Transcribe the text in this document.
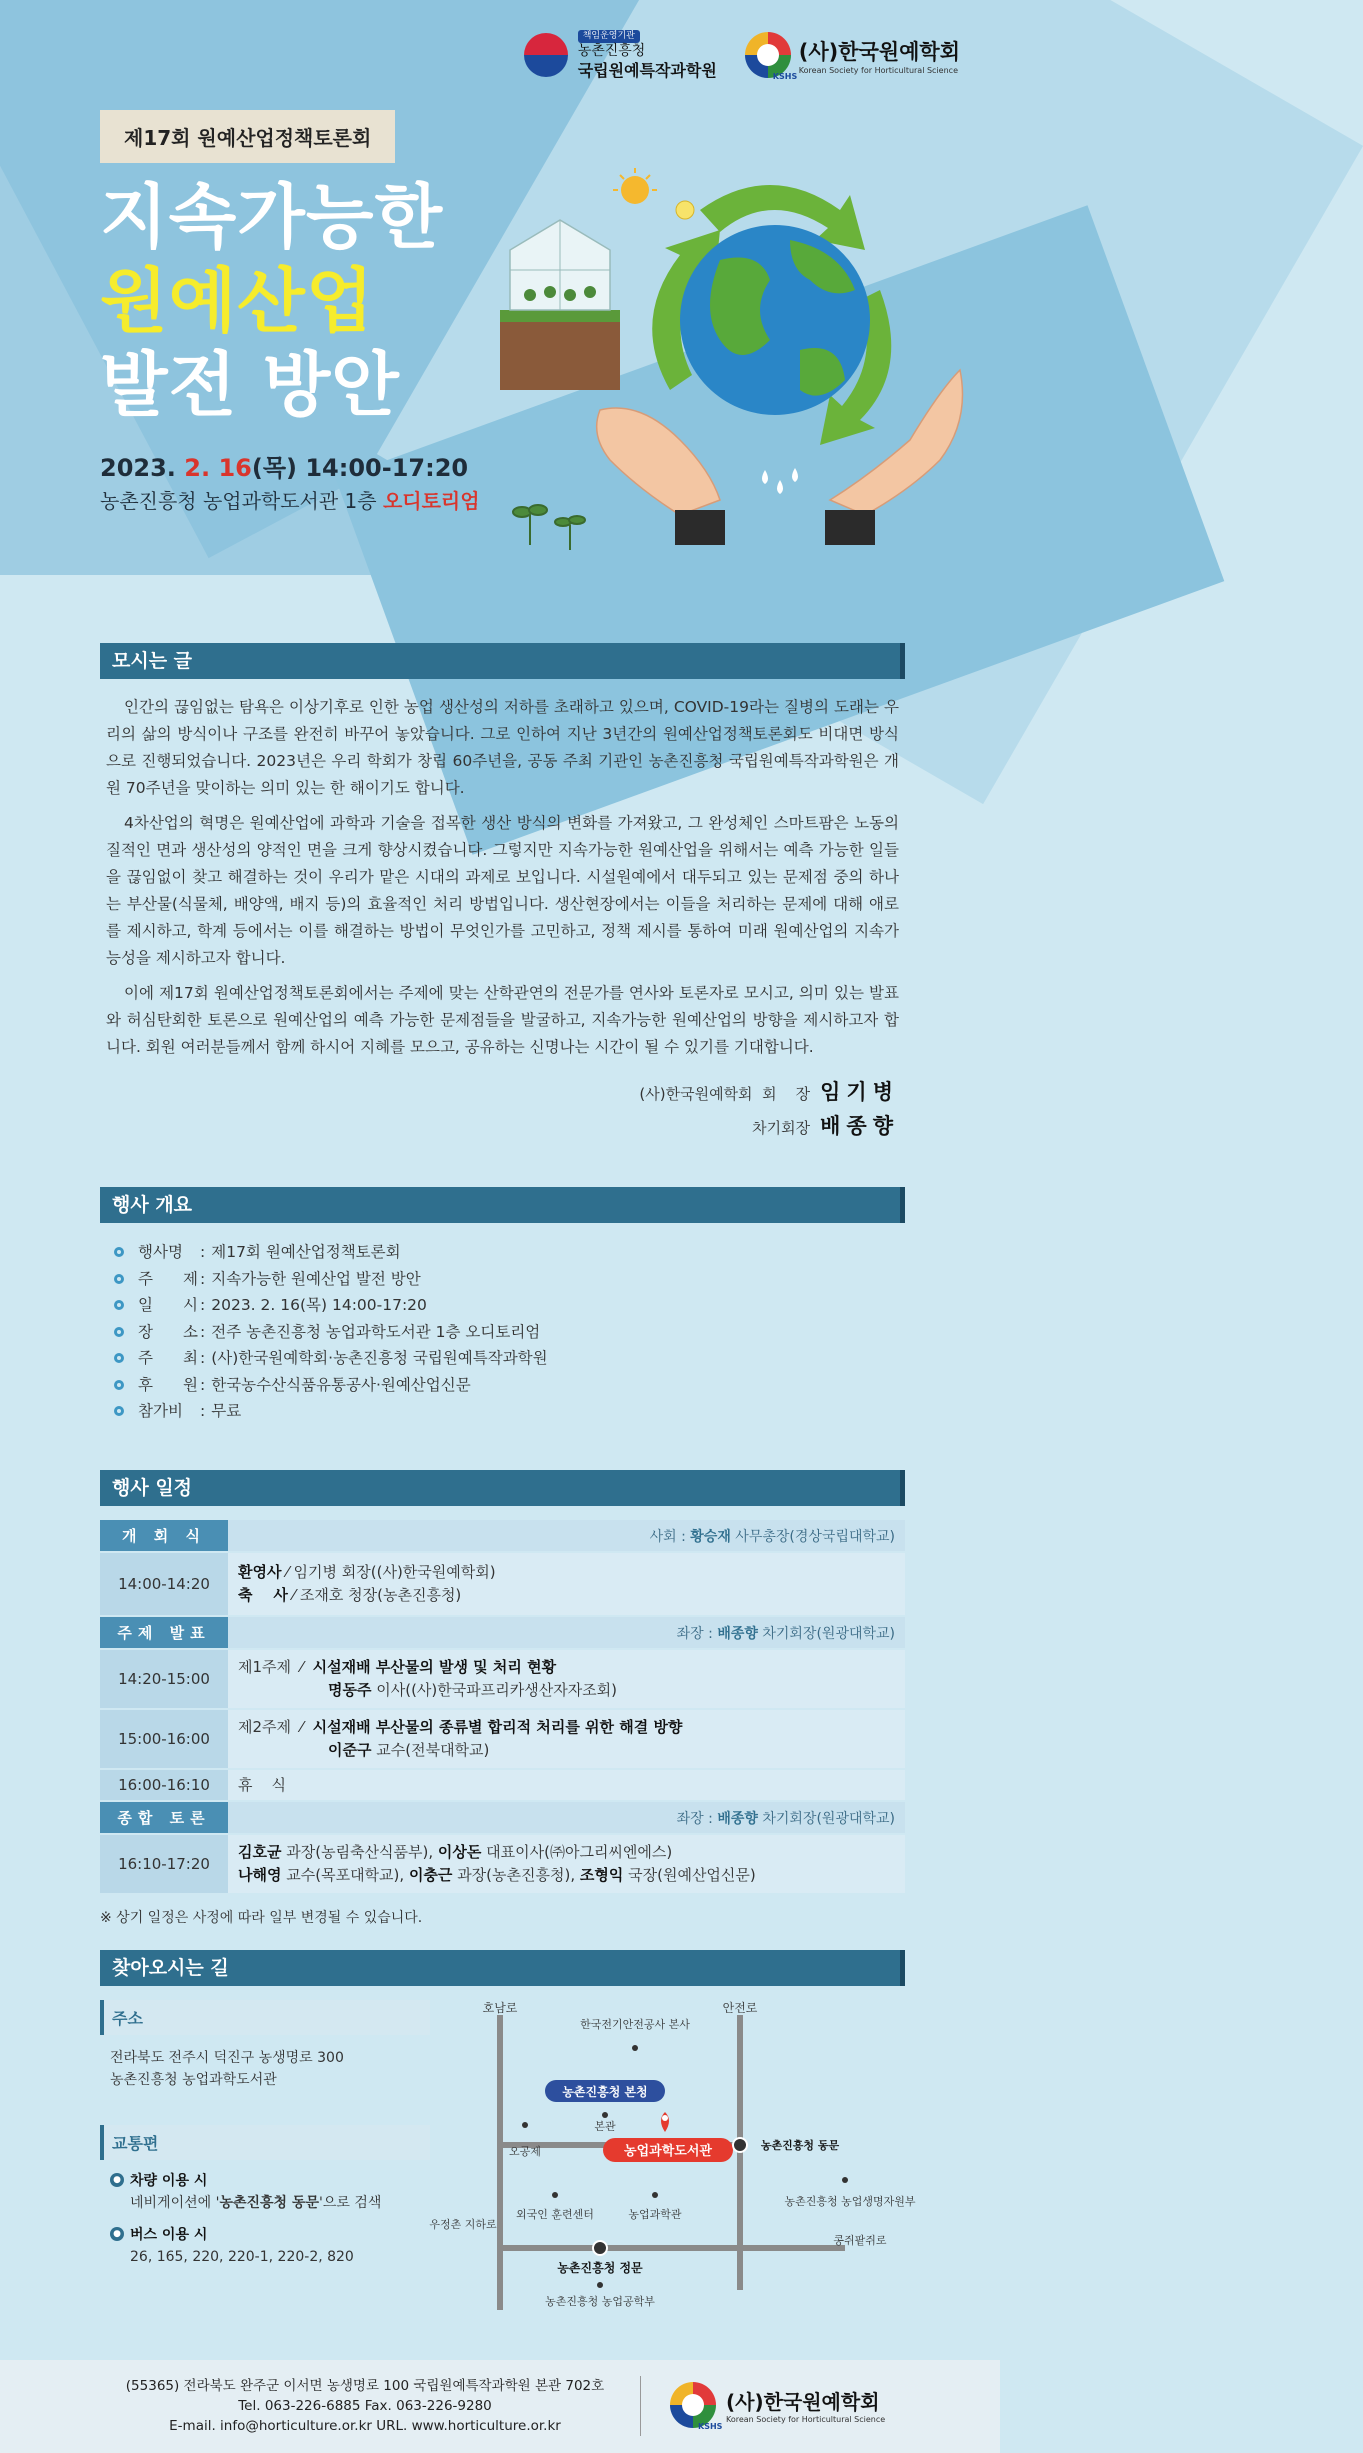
책임운영기관
농촌진흥청
국립원예특작과학원	KSHS
(사)한국원예학회
Korean Society for Horticultural Science
제17회 원예산업정책토론회
지속가능한
원예산업
발전 방안
2023. 2. 16(목) 14:00-17:20
농촌진흥청 농업과학도서관 1층 오디토리엄
모시는 글

인간의 끊임없는 탐욕은 이상기후로 인한 농업 생산성의 저하를 초래하고 있으며, COVID-19라는 질병의 도래는 우리의 삶의 방식이나 구조를 완전히 바꾸어 놓았습니다. 그로 인하여 지난 3년간의 원예산업정책토론회도 비대면 방식으로 진행되었습니다. 2023년은 우리 학회가 창립 60주년을, 공동 주최 기관인 농촌진흥청 국립원예특작과학원은 개원 70주년을 맞이하는 의미 있는 한 해이기도 합니다.

4차산업의 혁명은 원예산업에 과학과 기술을 접목한 생산 방식의 변화를 가져왔고, 그 완성체인 스마트팜은 노동의 질적인 면과 생산성의 양적인 면을 크게 향상시켰습니다. 그렇지만 지속가능한 원예산업을 위해서는 예측 가능한 일들을 끊임없이 찾고 해결하는 것이 우리가 맡은 시대의 과제로 보입니다. 시설원예에서 대두되고 있는 문제점 중의 하나는 부산물(식물체, 배양액, 배지 등)의 효율적인 처리 방법입니다. 생산현장에서는 이들을 처리하는 문제에 대해 애로를 제시하고, 학계 등에서는 이를 해결하는 방법이 무엇인가를 고민하고, 정책 제시를 통하여 미래 원예산업의 지속가능성을 제시하고자 합니다.

이에 제17회 원예산업정책토론회에서는 주제에 맞는 산학관연의 전문가를 연사와 토론자로 모시고, 의미 있는 발표와 허심탄회한 토론으로 원예산업의 예측 가능한 문제점들을 발굴하고, 지속가능한 원예산업의 방향을 제시하고자 합니다. 회원 여러분들께서 함께 하시어 지혜를 모으고, 공유하는 신명나는 시간이 될 수 있기를 기대합니다.

(사)한국원예학회  회    장 임기병
차기회장 배종향
행사 개요
행사명	: 제17회 원예산업정책토론회
주 제 : 지속가능한 원예산업 발전 방안
일 시 : 2023. 2. 16(목) 14:00-17:20
장 소 : 전주 농촌진흥청 농업과학도서관 1층 오디토리엄
주 최 : (사)한국원예학회·농촌진흥청 국립원예특작과학원
후 원 : 한국농수산식품유통공사·원예산업신문
참가비	: 무료
행사 일정
개 회 식	사회 : 황승재 사무총장(경상국립대학교)
14:00-14:20	환영사 ⁄ 임기병 회장((사)한국원예학회)
축    사 ⁄ 조재호 청장(농촌진흥청)

주제 발표	좌장 : 배종향 차기회장(원광대학교)
14:20-15:00	제1주제  ⁄  시설재배 부산물의 발생 및 처리 현황
명동주 이사((사)한국파프리카생산자자조회)

15:00-16:00	제2주제  ⁄  시설재배 부산물의 종류별 합리적 처리를 위한 해결 방향
이준구 교수(전북대학교)

16:00-16:10	휴    식
종합 토론	좌장 : 배종향 차기회장(원광대학교)
16:10-17:20	김호균 과장(농림축산식품부), 이상돈 대표이사(㈜아그리씨엔에스)
나해영 교수(목포대학교), 이충근 과장(농촌진흥청), 조형익 국장(원예산업신문)
※ 상기 일정은 사정에 따라 일부 변경될 수 있습니다.
찾아오시는 길
주소
전라북도 전주시 덕진구 농생명로 300
농촌진흥청 농업과학도서관
교통편
● 차량 이용 시
네비게이션에 '농촌진흥청 동문'으로 검색
● 버스 이용 시
26, 165, 220, 220-1, 220-2, 820
호남로	안전로
한국전기안전공사 본사
농촌진흥청 본청
본관
오공제	농업과학도서관	농촌진흥청 동문
우정촌 지하로
외국인 훈련센터	농업과학관
농촌진흥청 농업생명자원부
콩쥐팥쥐로
농촌진흥청 정문
농촌진흥청 농업공학부
(55365) 전라북도 완주군 이서면 농생명로 100 국립원예특작과학원 본관 702호
Tel. 063-226-6885 Fax. 063-226-9280
E-mail. info@horticulture.or.kr URL. www.horticulture.or.kr	KSHS
(사)한국원예학회
Korean Society for Horticultural Science
